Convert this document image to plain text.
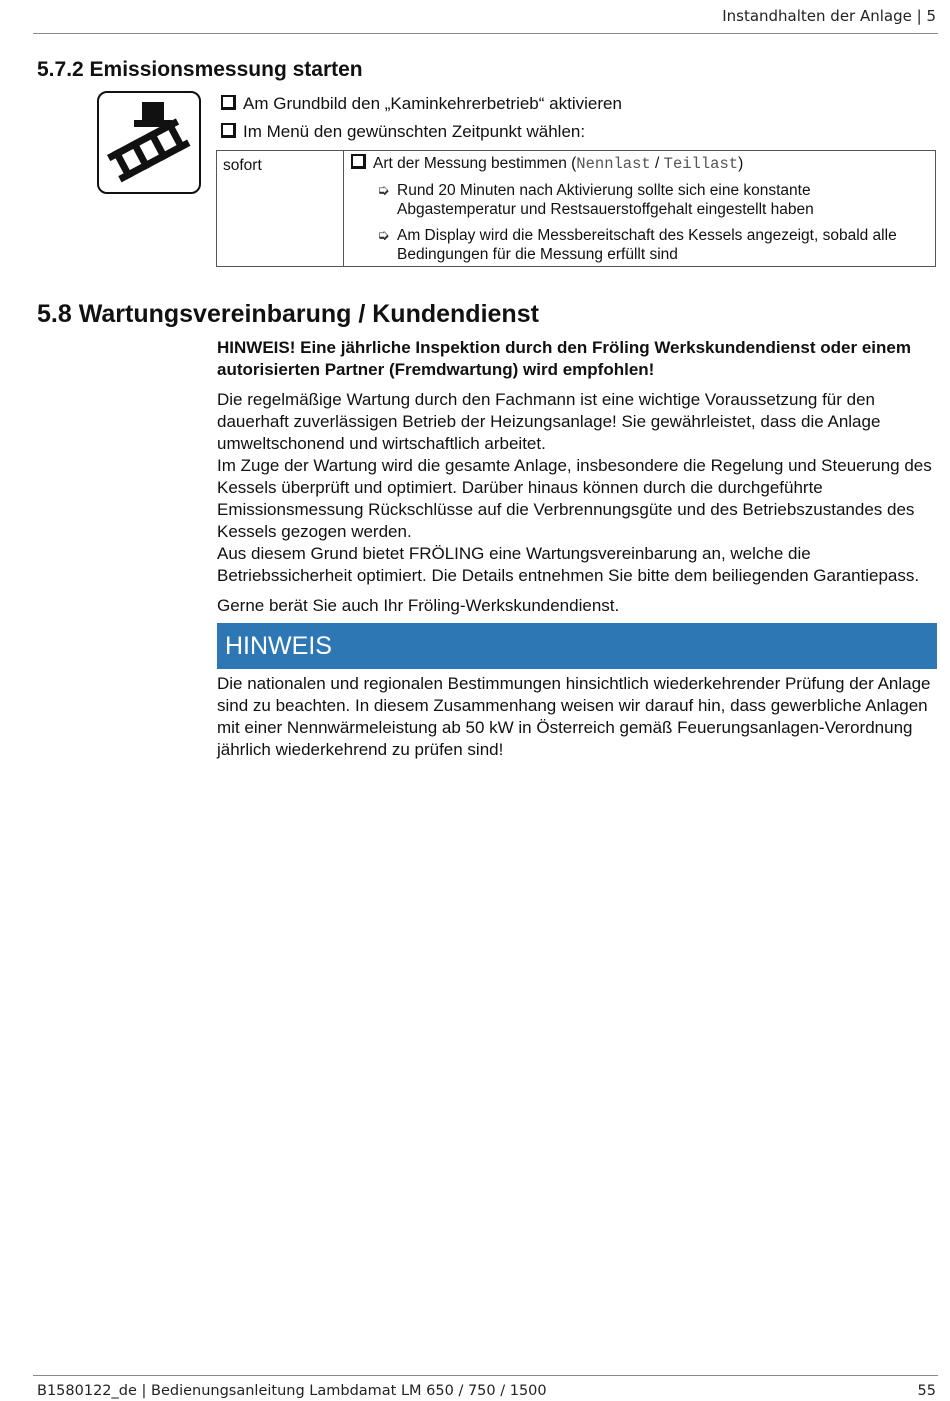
Instandhalten der Anlage | 5
5.7.2 Emissionsmessung starten
Am Grundbild den „Kaminkehrerbetrieb“ aktivieren
Im Menü den gewünschten Zeitpunkt wählen:
sofort	Art der Messung bestimmen (Nennlast / Teillast)
➭ Rund 20 Minuten nach Aktivierung sollte sich eine konstante Abgastemperatur und Restsauerstoffgehalt eingestellt haben
➭ Am Display wird die Messbereitschaft des Kessels angezeigt, sobald alle Bedingungen für die Messung erfüllt sind
5.8 Wartungsvereinbarung / Kundendienst

HINWEIS! Eine jährliche Inspektion durch den Fröling Werkskundendienst oder einem autorisierten Partner (Fremdwartung) wird empfohlen!

Die regelmäßige Wartung durch den Fachmann ist eine wichtige Voraussetzung für den dauerhaft zuverlässigen Betrieb der Heizungsanlage! Sie gewährleistet, dass die Anlage umweltschonend und wirtschaftlich arbeitet.

Im Zuge der Wartung wird die gesamte Anlage, insbesondere die Regelung und Steuerung des Kessels überprüft und optimiert. Darüber hinaus können durch die durchgeführte Emissionsmessung Rückschlüsse auf die Verbrennungsgüte und des Betriebszustandes des Kessels gezogen werden.

Aus diesem Grund bietet FRÖLING eine Wartungsvereinbarung an, welche die Betriebssicherheit optimiert. Die Details entnehmen Sie bitte dem beiliegenden Garantiepass.

Gerne berät Sie auch Ihr Fröling-Werkskundendienst.

HINWEIS

Die nationalen und regionalen Bestimmungen hinsichtlich wiederkehrender Prüfung der Anlage sind zu beachten. In diesem Zusammenhang weisen wir darauf hin, dass gewerbliche Anlagen mit einer Nennwärmeleistung ab 50 kW in Österreich gemäß Feuerungsanlagen-Verordnung jährlich wiederkehrend zu prüfen sind!

B1580122_de | Bedienungsanleitung Lambdamat LM 650 / 750 / 1500	55
